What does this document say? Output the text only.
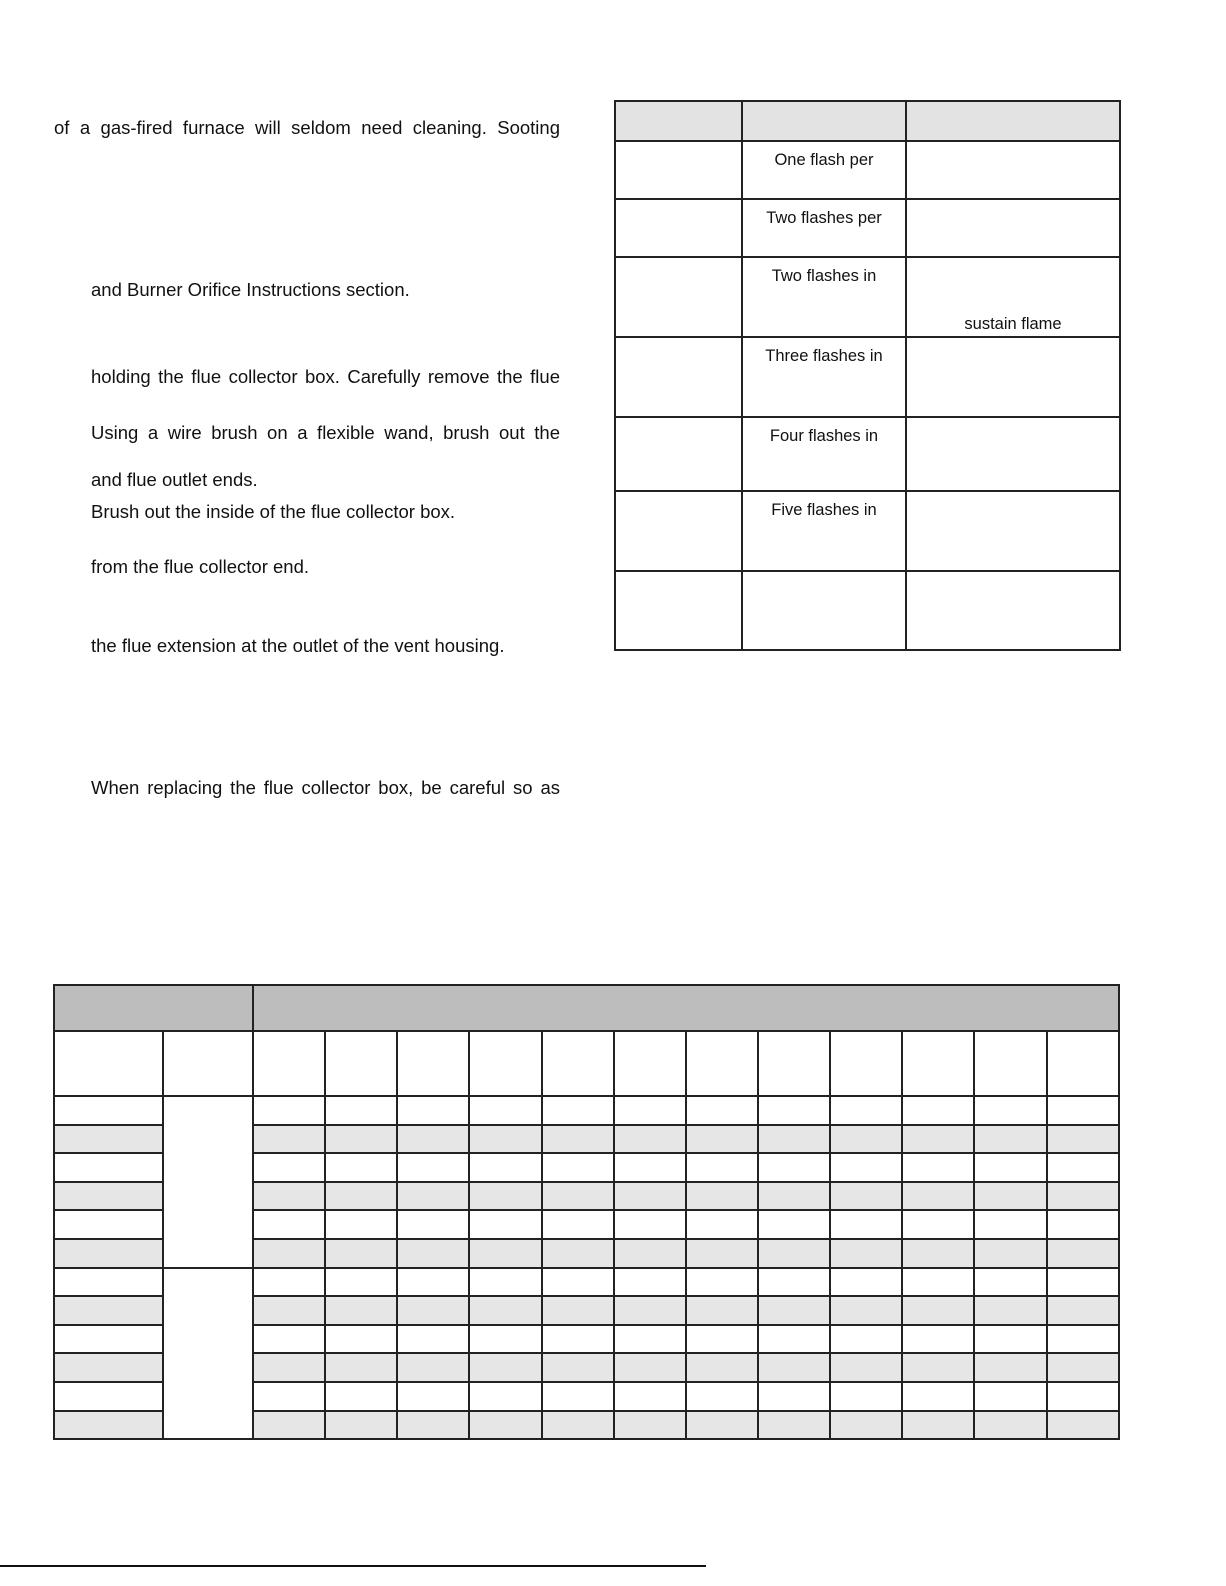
of a gas-fired furnace will seldom need cleaning. Sooting

and Burner Orifice Instructions section.

holding the flue collector box. Carefully remove the flue

Using a wire brush on a flexible wand, brush out the

and flue outlet ends.

Brush out the inside of the flue collector box.

from the flue collector end.

the flue extension at the outlet of the vent housing.

When replacing the flue collector box, be careful so as

	One flash per	

	Two flashes per	

	Two flashes in	sustain flame

	Three flashes in	

	Four flashes in	

	Five flashes in	

— — —
